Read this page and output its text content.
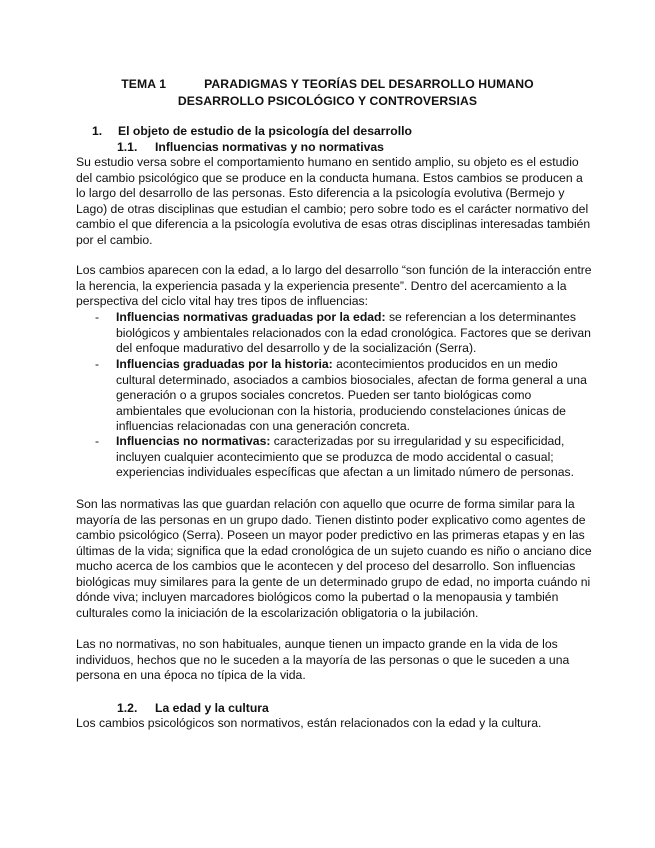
TEMA 1	PARADIGMAS Y TEORÍAS DEL DESARROLLO HUMANO
DESARROLLO PSICOLÓGICO Y CONTROVERSIAS
1. El objeto de estudio de la psicología del desarrollo
1.1. Influencias normativas y no normativas
Su estudio versa sobre el comportamiento humano en sentido amplio, su objeto es el estudio
del cambio psicológico que se produce en la conducta humana. Estos cambios se producen a
lo largo del desarrollo de las personas. Esto diferencia a la psicología evolutiva (Bermejo y
Lago) de otras disciplinas que estudian el cambio; pero sobre todo es el carácter normativo del
cambio el que diferencia a la psicología evolutiva de esas otras disciplinas interesadas también
por el cambio.
Los cambios aparecen con la edad, a lo largo del desarrollo “son función de la interacción entre
la herencia, la experiencia pasada y la experiencia presente”. Dentro del acercamiento a la
perspectiva del ciclo vital hay tres tipos de influencias:
- Influencias normativas graduadas por la edad: se referencian a los determinantes
biológicos y ambientales relacionados con la edad cronológica. Factores que se derivan
del enfoque madurativo del desarrollo y de la socialización (Serra).
- Influencias graduadas por la historia: acontecimientos producidos en un medio
cultural determinado, asociados a cambios biosociales, afectan de forma general a una
generación o a grupos sociales concretos. Pueden ser tanto biológicas como
ambientales que evolucionan con la historia, produciendo constelaciones únicas de
influencias relacionadas con una generación concreta.
- Influencias no normativas: caracterizadas por su irregularidad y su especificidad,
incluyen cualquier acontecimiento que se produzca de modo accidental o casual;
experiencias individuales específicas que afectan a un limitado número de personas.
Son las normativas las que guardan relación con aquello que ocurre de forma similar para la
mayoría de las personas en un grupo dado. Tienen distinto poder explicativo como agentes de
cambio psicológico (Serra). Poseen un mayor poder predictivo en las primeras etapas y en las
últimas de la vida; significa que la edad cronológica de un sujeto cuando es niño o anciano dice
mucho acerca de los cambios que le acontecen y del proceso del desarrollo. Son influencias
biológicas muy similares para la gente de un determinado grupo de edad, no importa cuándo ni
dónde viva; incluyen marcadores biológicos como la pubertad o la menopausia y también
culturales como la iniciación de la escolarización obligatoria o la jubilación.
Las no normativas, no son habituales, aunque tienen un impacto grande en la vida de los
individuos, hechos que no le suceden a la mayoría de las personas o que le suceden a una
persona en una época no típica de la vida.
1.2. La edad y la cultura
Los cambios psicológicos son normativos, están relacionados con la edad y la cultura.
